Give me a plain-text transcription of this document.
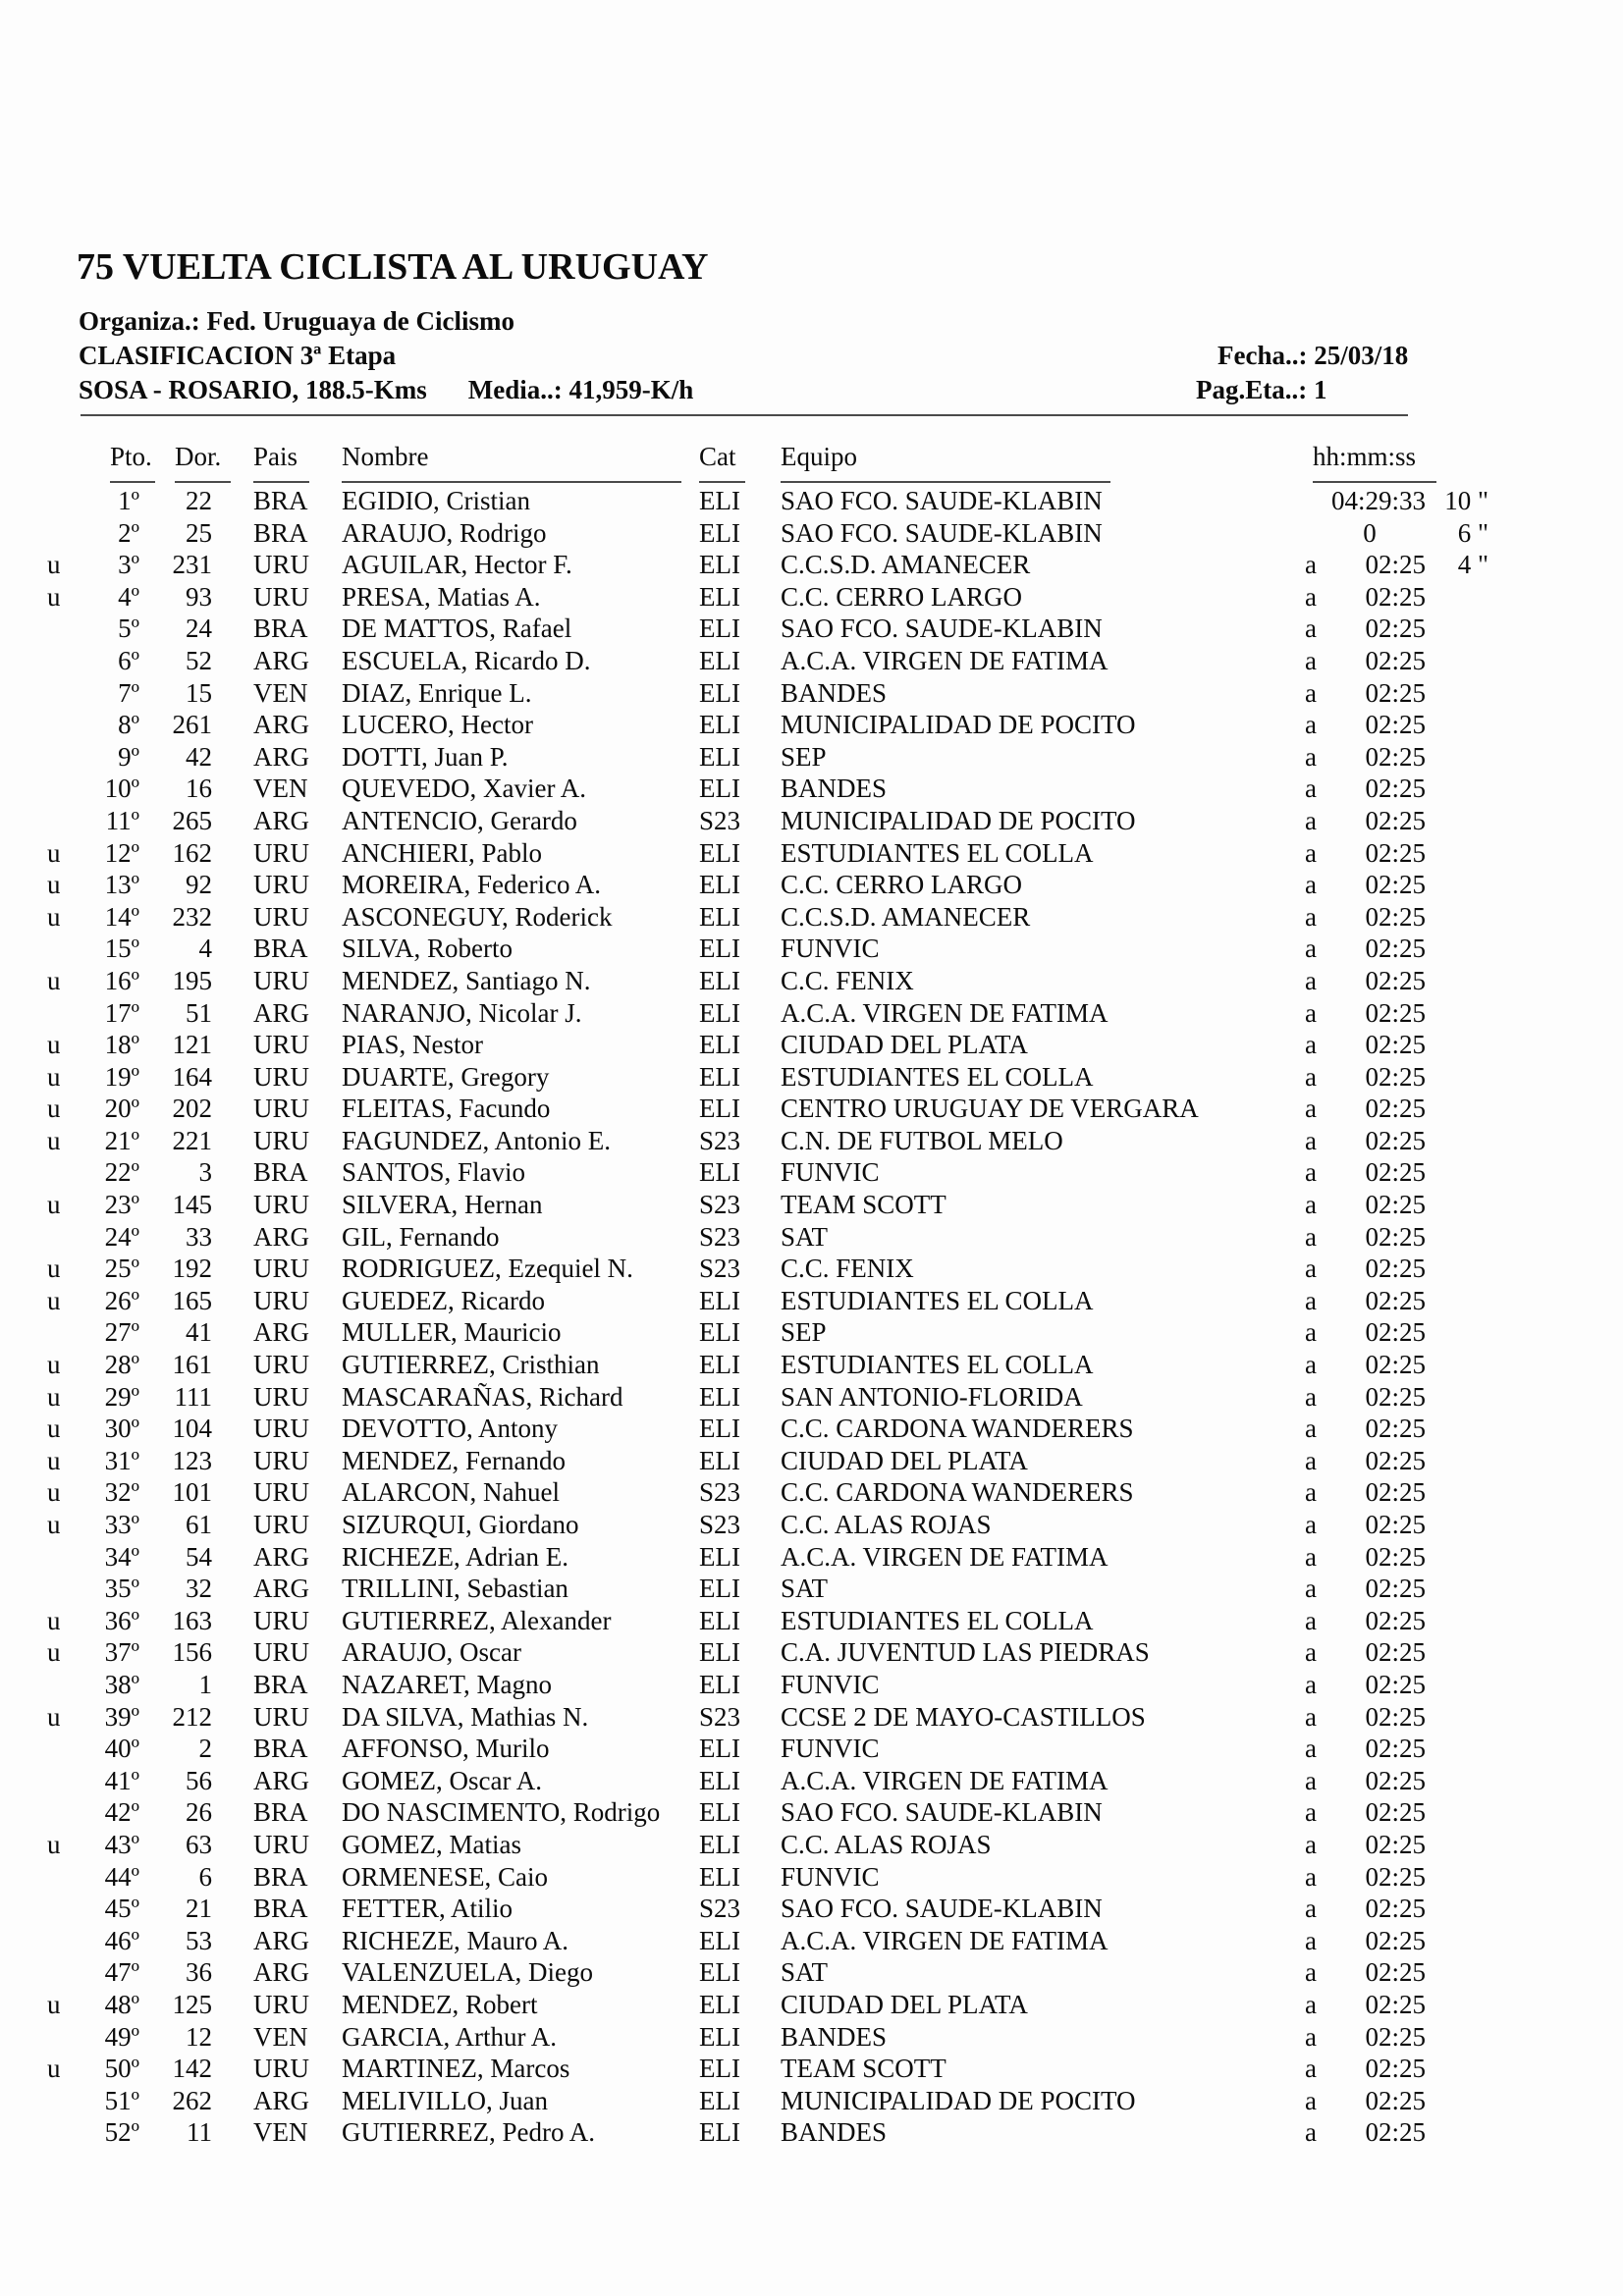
75 VUELTA CICLISTA AL URUGUAY
Organiza.: Fed. Uruguaya de Ciclismo
CLASIFICACION 3ª Etapa	Fecha..: 25/03/18
SOSA - ROSARIO, 188.5-Kms Media..: 41,959-K/h	Pag.Eta..: 1
Pto. Dor.	Pais	Nombre	Cat	Equipo	hh:mm:ss
1º	22 BRA EGIDIO, Cristian	ELI SAO FCO. SAUDE-KLABIN	04:29:33 10 "
2º	25 BRA ARAUJO, Rodrigo	ELI SAO FCO. SAUDE-KLABIN	0	6 "
u	3º	231 URU AGUILAR, Hector F.	ELI C.C.S.D. AMANECER	a	02:25	4 "
u	4º	93 URU PRESA, Matias A.	ELI C.C. CERRO LARGO	a	02:25
5º	24 BRA DE MATTOS, Rafael	ELI SAO FCO. SAUDE-KLABIN	a	02:25
6º	52 ARG ESCUELA, Ricardo D.	ELI A.C.A. VIRGEN DE FATIMA	a	02:25
7º	15 VEN DIAZ, Enrique L.	ELI BANDES	a	02:25
8º	261 ARG LUCERO, Hector	ELI MUNICIPALIDAD DE POCITO	a	02:25
9º	42 ARG DOTTI, Juan P.	ELI SEP	a	02:25
10º	16 VEN QUEVEDO, Xavier A.	ELI BANDES	a	02:25
11º	265 ARG ANTENCIO, Gerardo	S23 MUNICIPALIDAD DE POCITO	a	02:25
u	12º	162 URU ANCHIERI, Pablo	ELI ESTUDIANTES EL COLLA	a	02:25
u	13º	92 URU MOREIRA, Federico A.	ELI C.C. CERRO LARGO	a	02:25
u	14º	232 URU ASCONEGUY, Roderick	ELI C.C.S.D. AMANECER	a	02:25
15º	4 BRA SILVA, Roberto	ELI FUNVIC	a	02:25
u	16º	195 URU MENDEZ, Santiago N.	ELI C.C. FENIX	a	02:25
17º	51 ARG NARANJO, Nicolar J.	ELI A.C.A. VIRGEN DE FATIMA	a	02:25
u	18º	121 URU PIAS, Nestor	ELI CIUDAD DEL PLATA	a	02:25
u	19º	164 URU DUARTE, Gregory	ELI ESTUDIANTES EL COLLA	a	02:25
u	20º	202 URU FLEITAS, Facundo	ELI CENTRO URUGUAY DE VERGARA	a	02:25
u	21º	221 URU FAGUNDEZ, Antonio E.	S23 C.N. DE FUTBOL MELO	a	02:25
22º	3 BRA SANTOS, Flavio	ELI FUNVIC	a	02:25
u	23º	145 URU SILVERA, Hernan	S23 TEAM SCOTT	a	02:25
24º	33 ARG GIL, Fernando	S23 SAT	a	02:25
u	25º	192 URU RODRIGUEZ, Ezequiel N. S23 C.C. FENIX	a	02:25
u	26º	165 URU GUEDEZ, Ricardo	ELI ESTUDIANTES EL COLLA	a	02:25
27º	41 ARG MULLER, Mauricio	ELI SEP	a	02:25
u	28º	161 URU GUTIERREZ, Cristhian	ELI ESTUDIANTES EL COLLA	a	02:25
u	29º	111 URU MASCARAÑAS, Richard	ELI SAN ANTONIO-FLORIDA	a	02:25
u	30º	104 URU DEVOTTO, Antony	ELI C.C. CARDONA WANDERERS	a	02:25
u	31º	123 URU MENDEZ, Fernando	ELI CIUDAD DEL PLATA	a	02:25
u	32º	101 URU ALARCON, Nahuel	S23 C.C. CARDONA WANDERERS	a	02:25
u	33º	61 URU SIZURQUI, Giordano	S23 C.C. ALAS ROJAS	a	02:25
34º	54 ARG RICHEZE, Adrian E.	ELI A.C.A. VIRGEN DE FATIMA	a	02:25
35º	32 ARG TRILLINI, Sebastian	ELI SAT	a	02:25
u	36º	163 URU GUTIERREZ, Alexander	ELI ESTUDIANTES EL COLLA	a	02:25
u	37º	156 URU ARAUJO, Oscar	ELI C.A. JUVENTUD LAS PIEDRAS	a	02:25
38º	1 BRA NAZARET, Magno	ELI FUNVIC	a	02:25
u	39º	212 URU DA SILVA, Mathias N.	S23 CCSE 2 DE MAYO-CASTILLOS	a	02:25
40º	2 BRA AFFONSO, Murilo	ELI FUNVIC	a	02:25
41º	56 ARG GOMEZ, Oscar A.	ELI A.C.A. VIRGEN DE FATIMA	a	02:25
42º	26 BRA DO NASCIMENTO, Rodrigo ELI SAO FCO. SAUDE-KLABIN	a	02:25
u	43º	63 URU GOMEZ, Matias	ELI C.C. ALAS ROJAS	a	02:25
44º	6 BRA ORMENESE, Caio	ELI FUNVIC	a	02:25
45º	21 BRA FETTER, Atilio	S23 SAO FCO. SAUDE-KLABIN	a	02:25
46º	53 ARG RICHEZE, Mauro A.	ELI A.C.A. VIRGEN DE FATIMA	a	02:25
47º	36 ARG VALENZUELA, Diego	ELI SAT	a	02:25
u	48º	125 URU MENDEZ, Robert	ELI CIUDAD DEL PLATA	a	02:25
49º	12 VEN GARCIA, Arthur A.	ELI BANDES	a	02:25
u	50º	142 URU MARTINEZ, Marcos	ELI TEAM SCOTT	a	02:25
51º	262 ARG MELIVILLO, Juan	ELI MUNICIPALIDAD DE POCITO	a	02:25
52º	11 VEN GUTIERREZ, Pedro A.	ELI BANDES	a	02:25
